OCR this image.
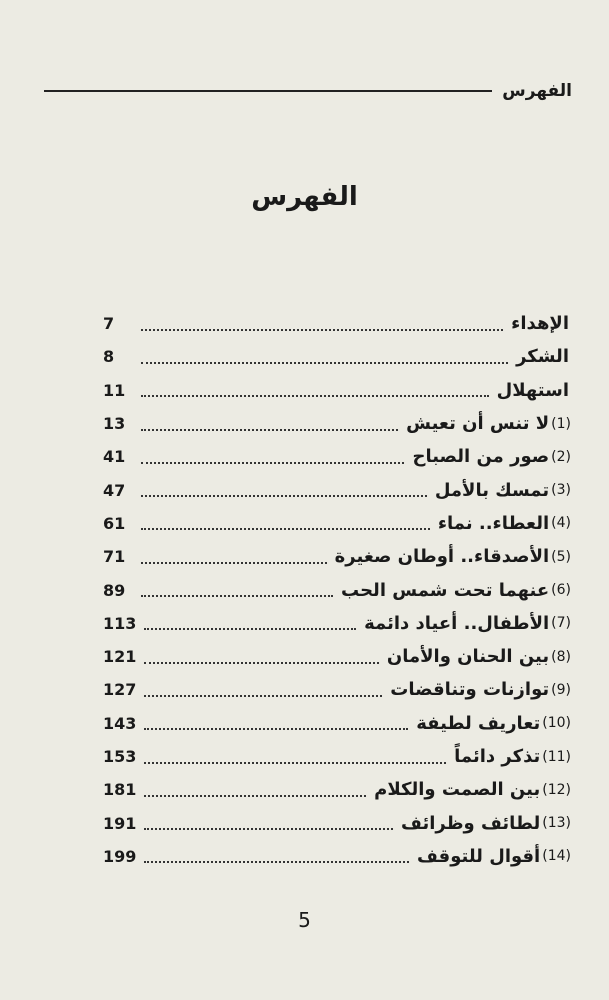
الفهرس
الفهرس
الإهداء
7
الشكر
8
استهلال
11
(1)
لا تنس أن تعيش
13
(2)
صور من الصباح
41
(3)
تمسك بالأمل
47
(4)
العطاء.. نماء
61
(5)
الأصدقاء.. أوطان صغيرة
71
(6)
عنهما تحت شمس الحب
89
(7)
الأطفال.. أعياد دائمة
113
(8)
بين الحنان والأمان
121
(9)
توازنات وتناقضات
127
(10)
تعاريف لطيفة
143
(11)
تذكر دائماً
153
(12)
بين الصمت والكلام
181
(13)
لطائف وظرائف
191
(14)
أقوال للتوقف
199
5
